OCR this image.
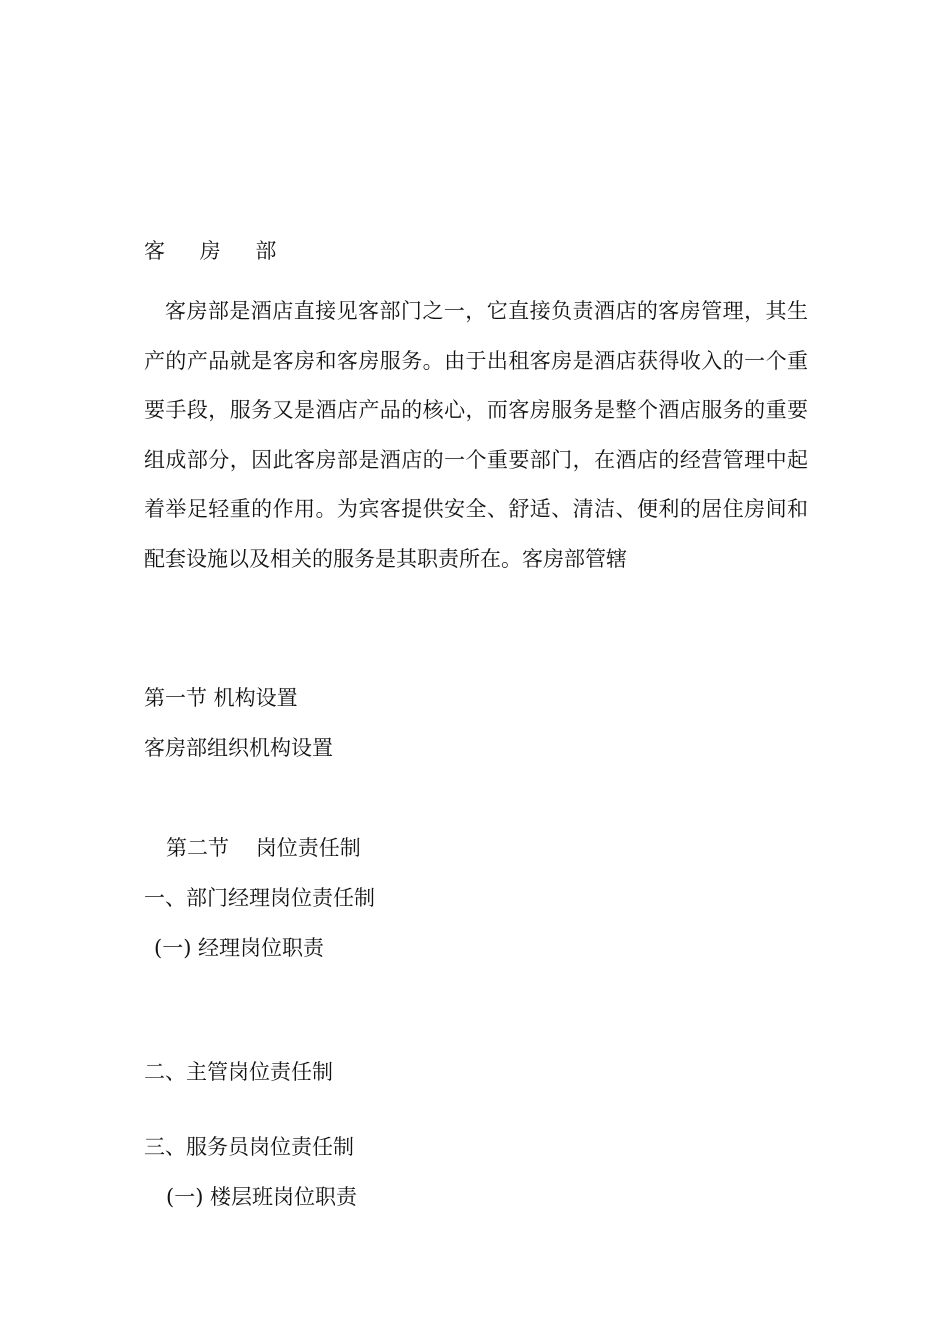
客 房 部

客房部是酒店直接见客部门之一，它直接负责酒店的客房管理，其生产的产品就是客房和客房服务。由于出租客房是酒店获得收入的一个重要手段，服务又是酒店产品的核心，而客房服务是整个酒店服务的重要组成部分，因此客房部是酒店的一个重要部门，在酒店的经营管理中起着举足轻重的作用。为宾客提供安全、舒适、清洁、便利的居住房间和配套设施以及相关的服务是其职责所在。客房部管辖

第一节 机构设置
客房部组织机构设置
第二节    岗位责任制
一、部门经理岗位责任制
(一) 经理岗位职责
二、主管岗位责任制
三、服务员岗位责任制
(一) 楼层班岗位职责
